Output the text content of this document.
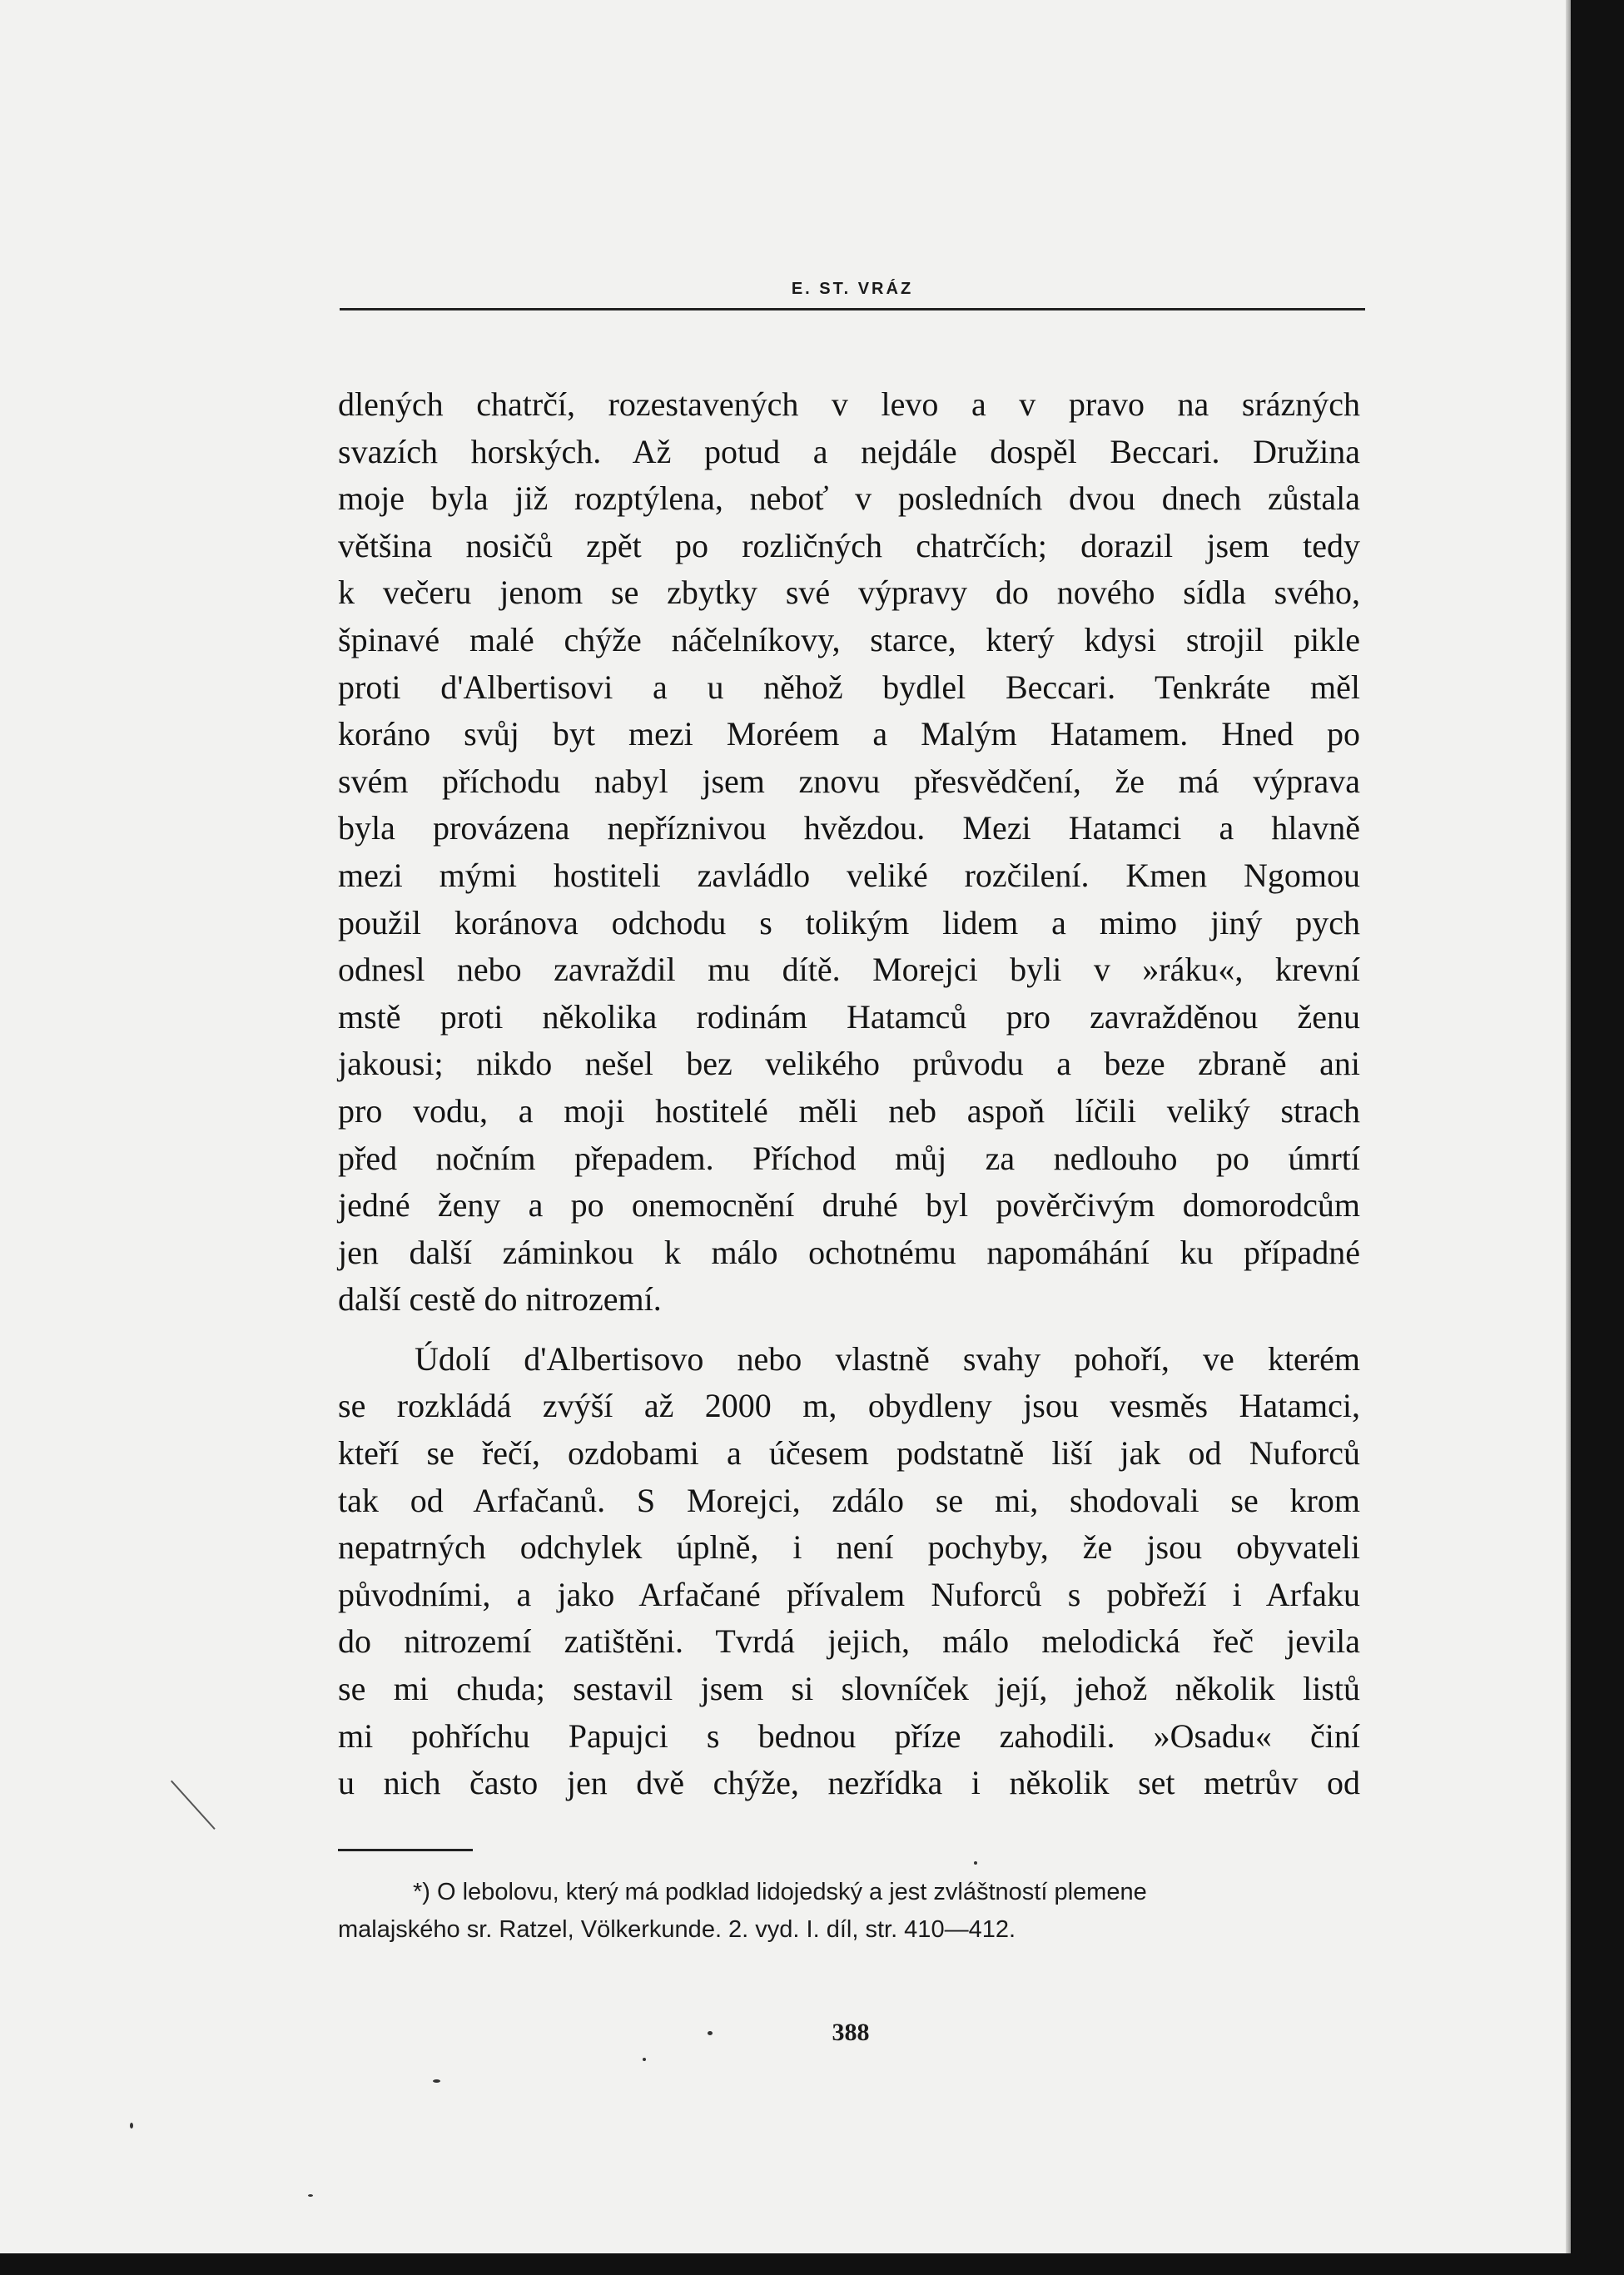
E. ST. VRÁZ
dlených chatrčí, rozestavených v levo a v pravo na srázných
svazích horských. Až potud a nejdále dospěl Beccari. Družina
moje byla již rozptýlena, neboť v posledních dvou dnech zůstala
většina nosičů zpět po rozličných chatrčích; dorazil jsem tedy
k večeru jenom se zbytky své výpravy do nového sídla svého,
špinavé malé chýže náčelníkovy, starce, který kdysi strojil pikle
proti d'Albertisovi a u něhož bydlel Beccari. Tenkráte měl
koráno svůj byt mezi Moréem a Malým Hatamem. Hned po
svém příchodu nabyl jsem znovu přesvědčení, že má výprava
byla provázena nepříznivou hvězdou. Mezi Hatamci a hlavně
mezi mými hostiteli zavládlo veliké rozčilení. Kmen Ngomou
použil koránova odchodu s tolikým lidem a mimo jiný pych
odnesl nebo zavraždil mu dítě. Morejci byli v »ráku«, krevní
mstě proti několika rodinám Hatamců pro zavražděnou ženu
jakousi; nikdo nešel bez velikého průvodu a beze zbraně ani
pro vodu, a moji hostitelé měli neb aspoň líčili veliký strach
před nočním přepadem. Příchod můj za nedlouho po úmrtí
jedné ženy a po onemocnění druhé byl pověrčivým domorodcům
jen další záminkou k málo ochotnému napomáhání ku případné
další cestě do nitrozemí.
Údolí d'Albertisovo nebo vlastně svahy pohoří, ve kterém
se rozkládá zvýší až 2000 m, obydleny jsou vesměs Hatamci,
kteří se řečí, ozdobami a účesem podstatně liší jak od Nuforců
tak od Arfačanů. S Morejci, zdálo se mi, shodovali se krom
nepatrných odchylek úplně, i není pochyby, že jsou obyvateli
původními, a jako Arfačané přívalem Nuforců s pobřeží i Arfaku
do nitrozemí zatištěni. Tvrdá jejich, málo melodická řeč jevila
se mi chuda; sestavil jsem si slovníček její, jehož několik listů
mi pohříchu Papujci s bednou příze zahodili. »Osadu« činí
u nich často jen dvě chýže, nezřídka i několik set metrův od
*) O lebolovu, který má podklad lidojedský a jest zvláštností plemene
malajského sr. Ratzel, Völkerkunde. 2. vyd. I. díl, str. 410—412.
388
